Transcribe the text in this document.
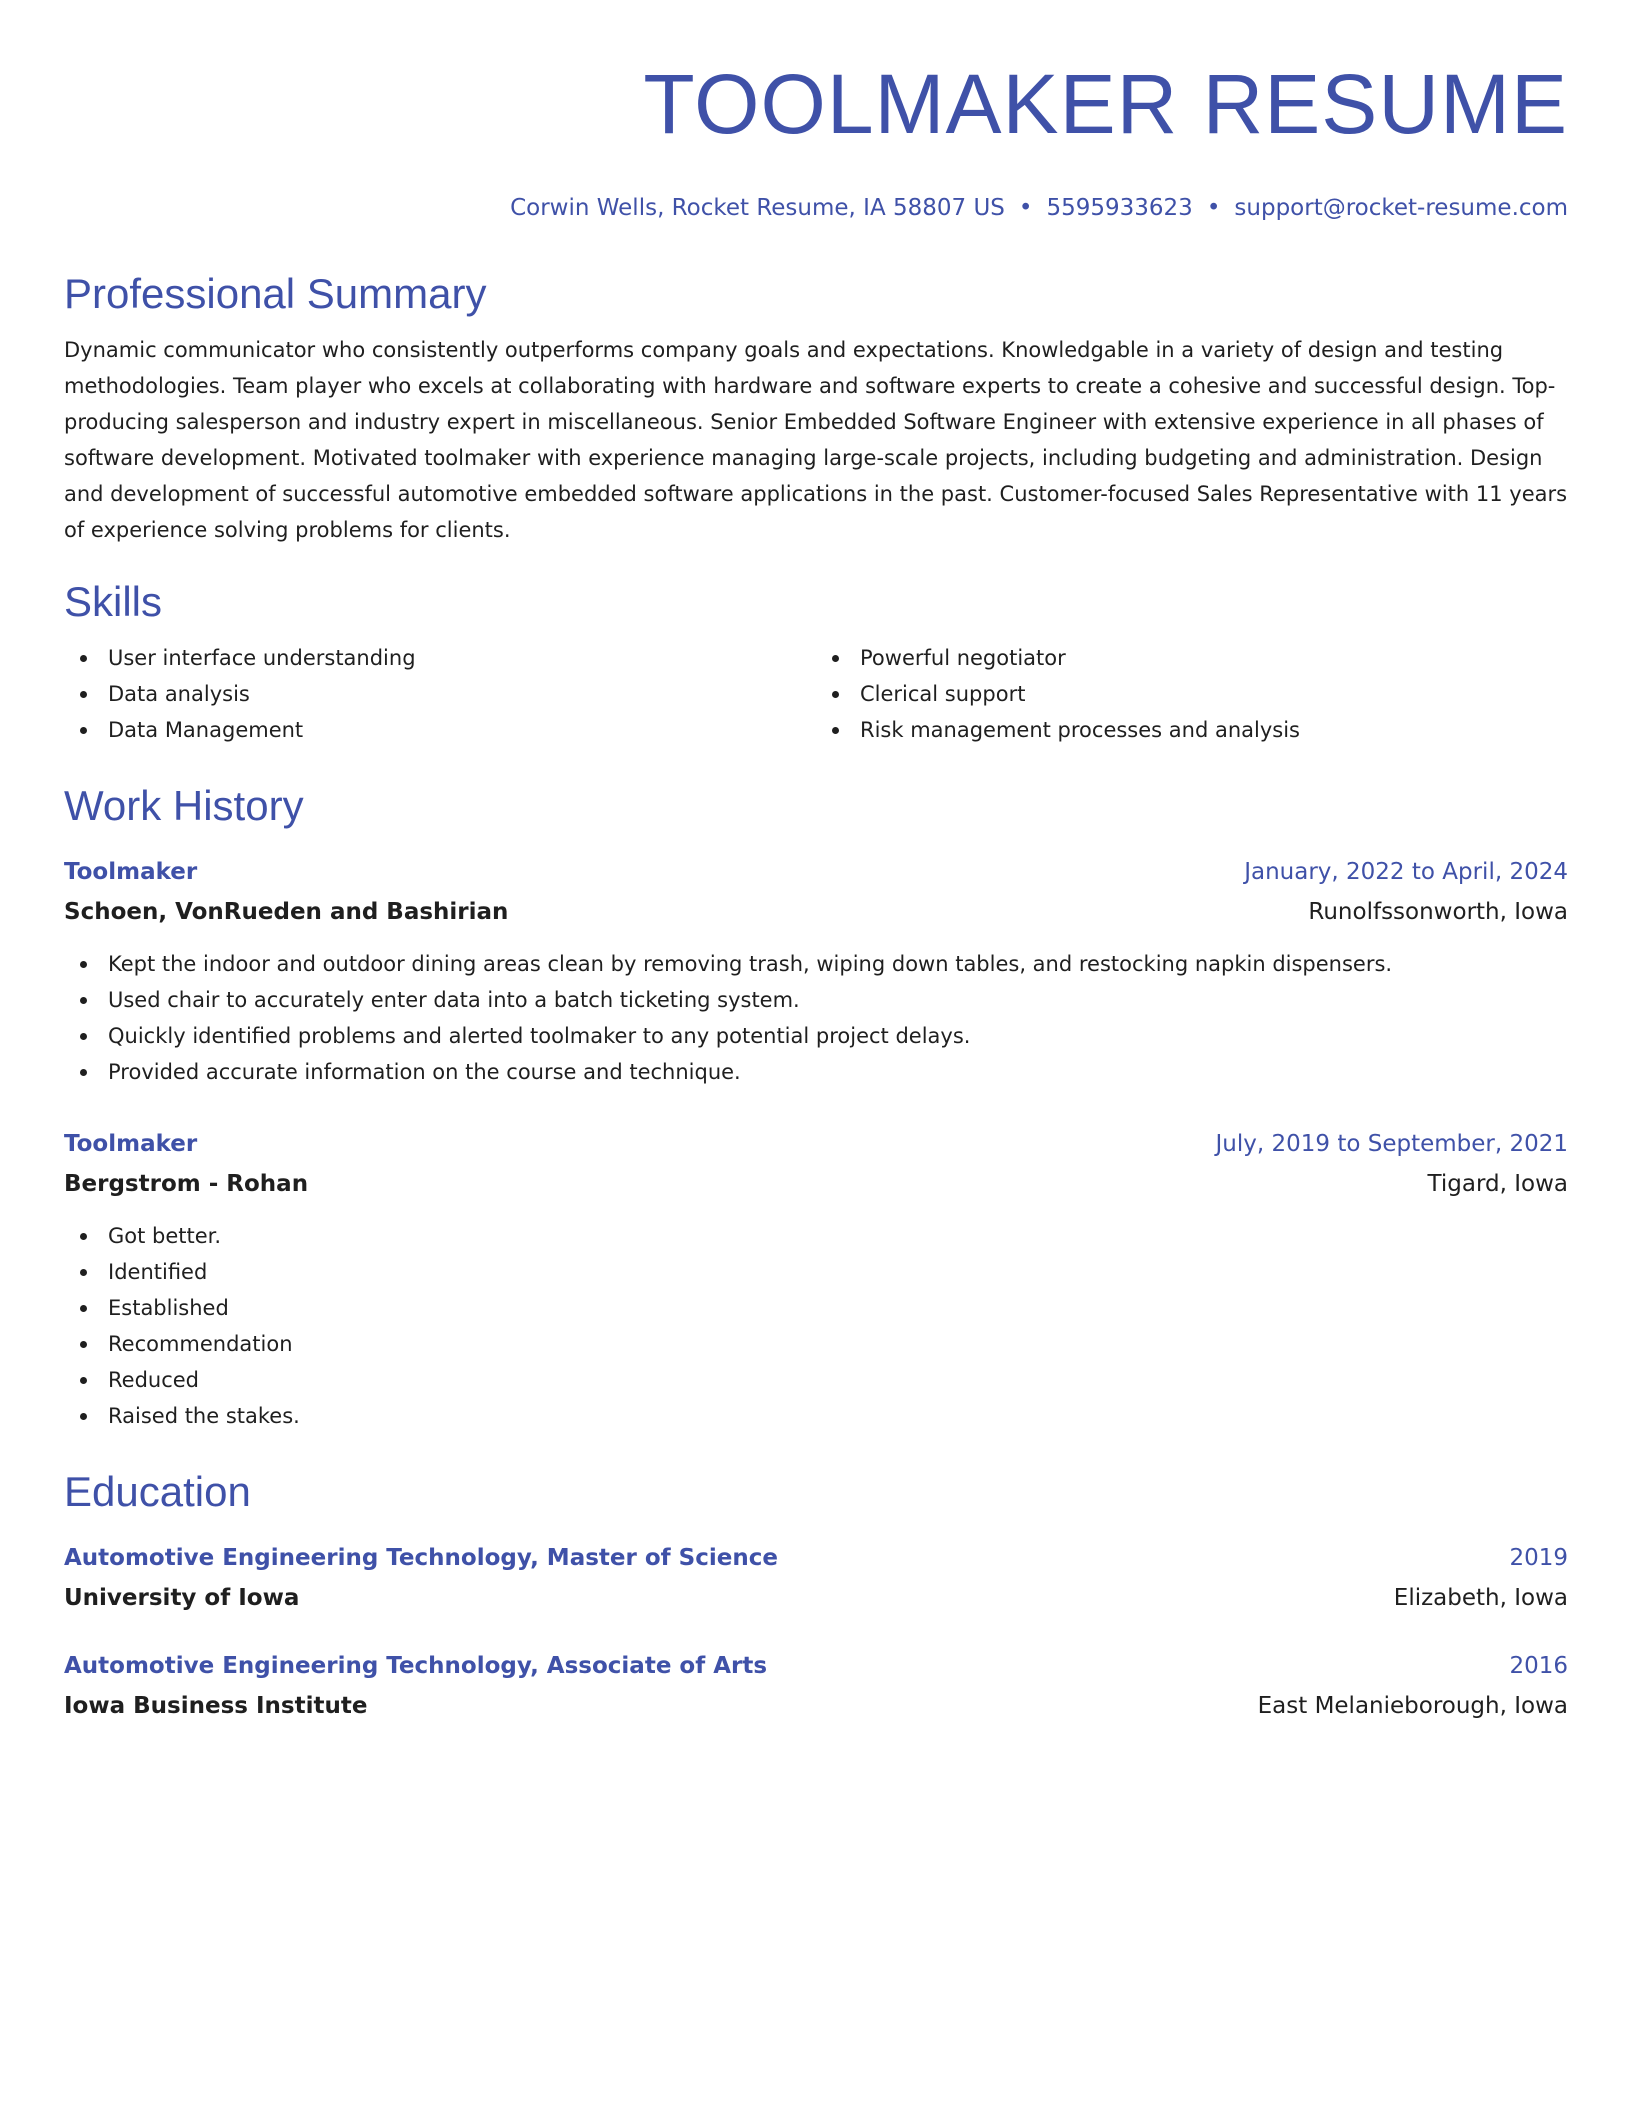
TOOLMAKER RESUME
Corwin Wells, Rocket Resume, IA 58807 US • 5595933623 • support@rocket-resume.com
Professional Summary

Dynamic communicator who consistently outperforms company goals and expectations. Knowledgable in a variety of design and testing methodologies. Team player who excels at collaborating with hardware and software experts to create a cohesive and successful design. Top-producing salesperson and industry expert in miscellaneous. Senior Embedded Software Engineer with extensive experience in all phases of software development. Motivated toolmaker with experience managing large-scale projects, including budgeting and administration. Design and development of successful automotive embedded software applications in the past. Customer-focused Sales Representative with 11 years of experience solving problems for clients.

Skills
User interface understanding
Data analysis
Data Management
Powerful negotiator
Clerical support
Risk management processes and analysis
Work History
Toolmaker	January, 2022 to April, 2024
Schoen, VonRueden and Bashirian	Runolfssonworth, Iowa
Kept the indoor and outdoor dining areas clean by removing trash, wiping down tables, and restocking napkin dispensers.
Used chair to accurately enter data into a batch ticketing system.
Quickly identified problems and alerted toolmaker to any potential project delays.
Provided accurate information on the course and technique.
Toolmaker	July, 2019 to September, 2021
Bergstrom - Rohan	Tigard, Iowa
Got better.
Identified
Established
Recommendation
Reduced
Raised the stakes.
Education
Automotive Engineering Technology, Master of Science	2019
University of Iowa	Elizabeth, Iowa
Automotive Engineering Technology, Associate of Arts	2016
Iowa Business Institute	East Melanieborough, Iowa
